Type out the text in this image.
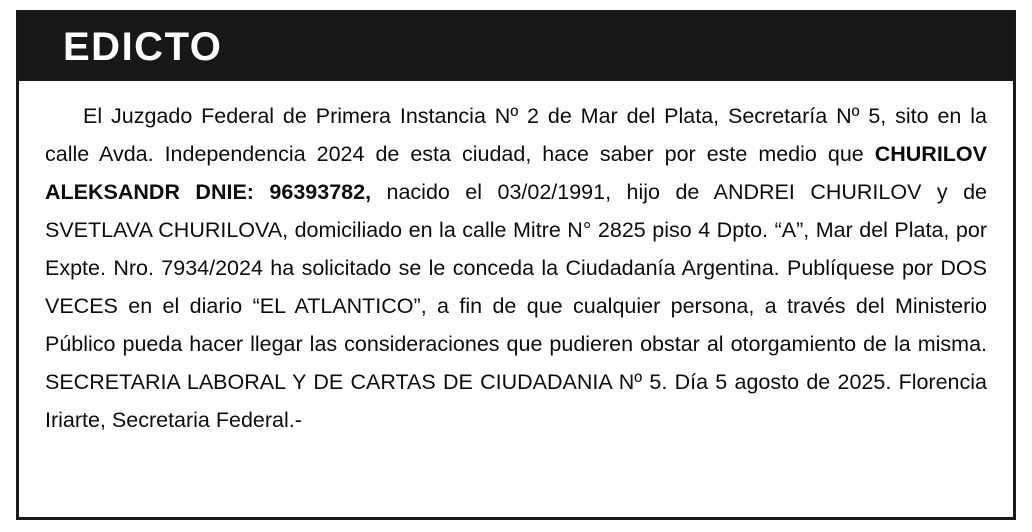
EDICTO

El Juzgado Federal de Primera Instancia Nº 2 de Mar del Plata, Secretaría Nº 5, sito en la calle Avda. Independencia 2024 de esta ciudad, hace saber por este medio que CHURILOV ALEKSANDR DNIE: 96393782, nacido el 03/02/1991, hijo de ANDREI CHURILOV y de SVETLAVA CHURILOVA, domiciliado en la calle Mitre N° 2825 piso 4 Dpto. “A”, Mar del Plata, por Expte. Nro. 7934/2024 ha solicitado se le conceda la Ciudadanía Argentina. Publíquese por DOS VECES en el diario “EL ATLANTICO”, a fin de que cualquier persona, a través del Ministerio Público pueda hacer llegar las consideraciones que pudieren obstar al otorgamiento de la misma. SECRETARIA LABORAL Y DE CARTAS DE CIUDADANIA Nº 5. Día 5 agosto de 2025. Florencia Iriarte, Secretaria Federal.-
